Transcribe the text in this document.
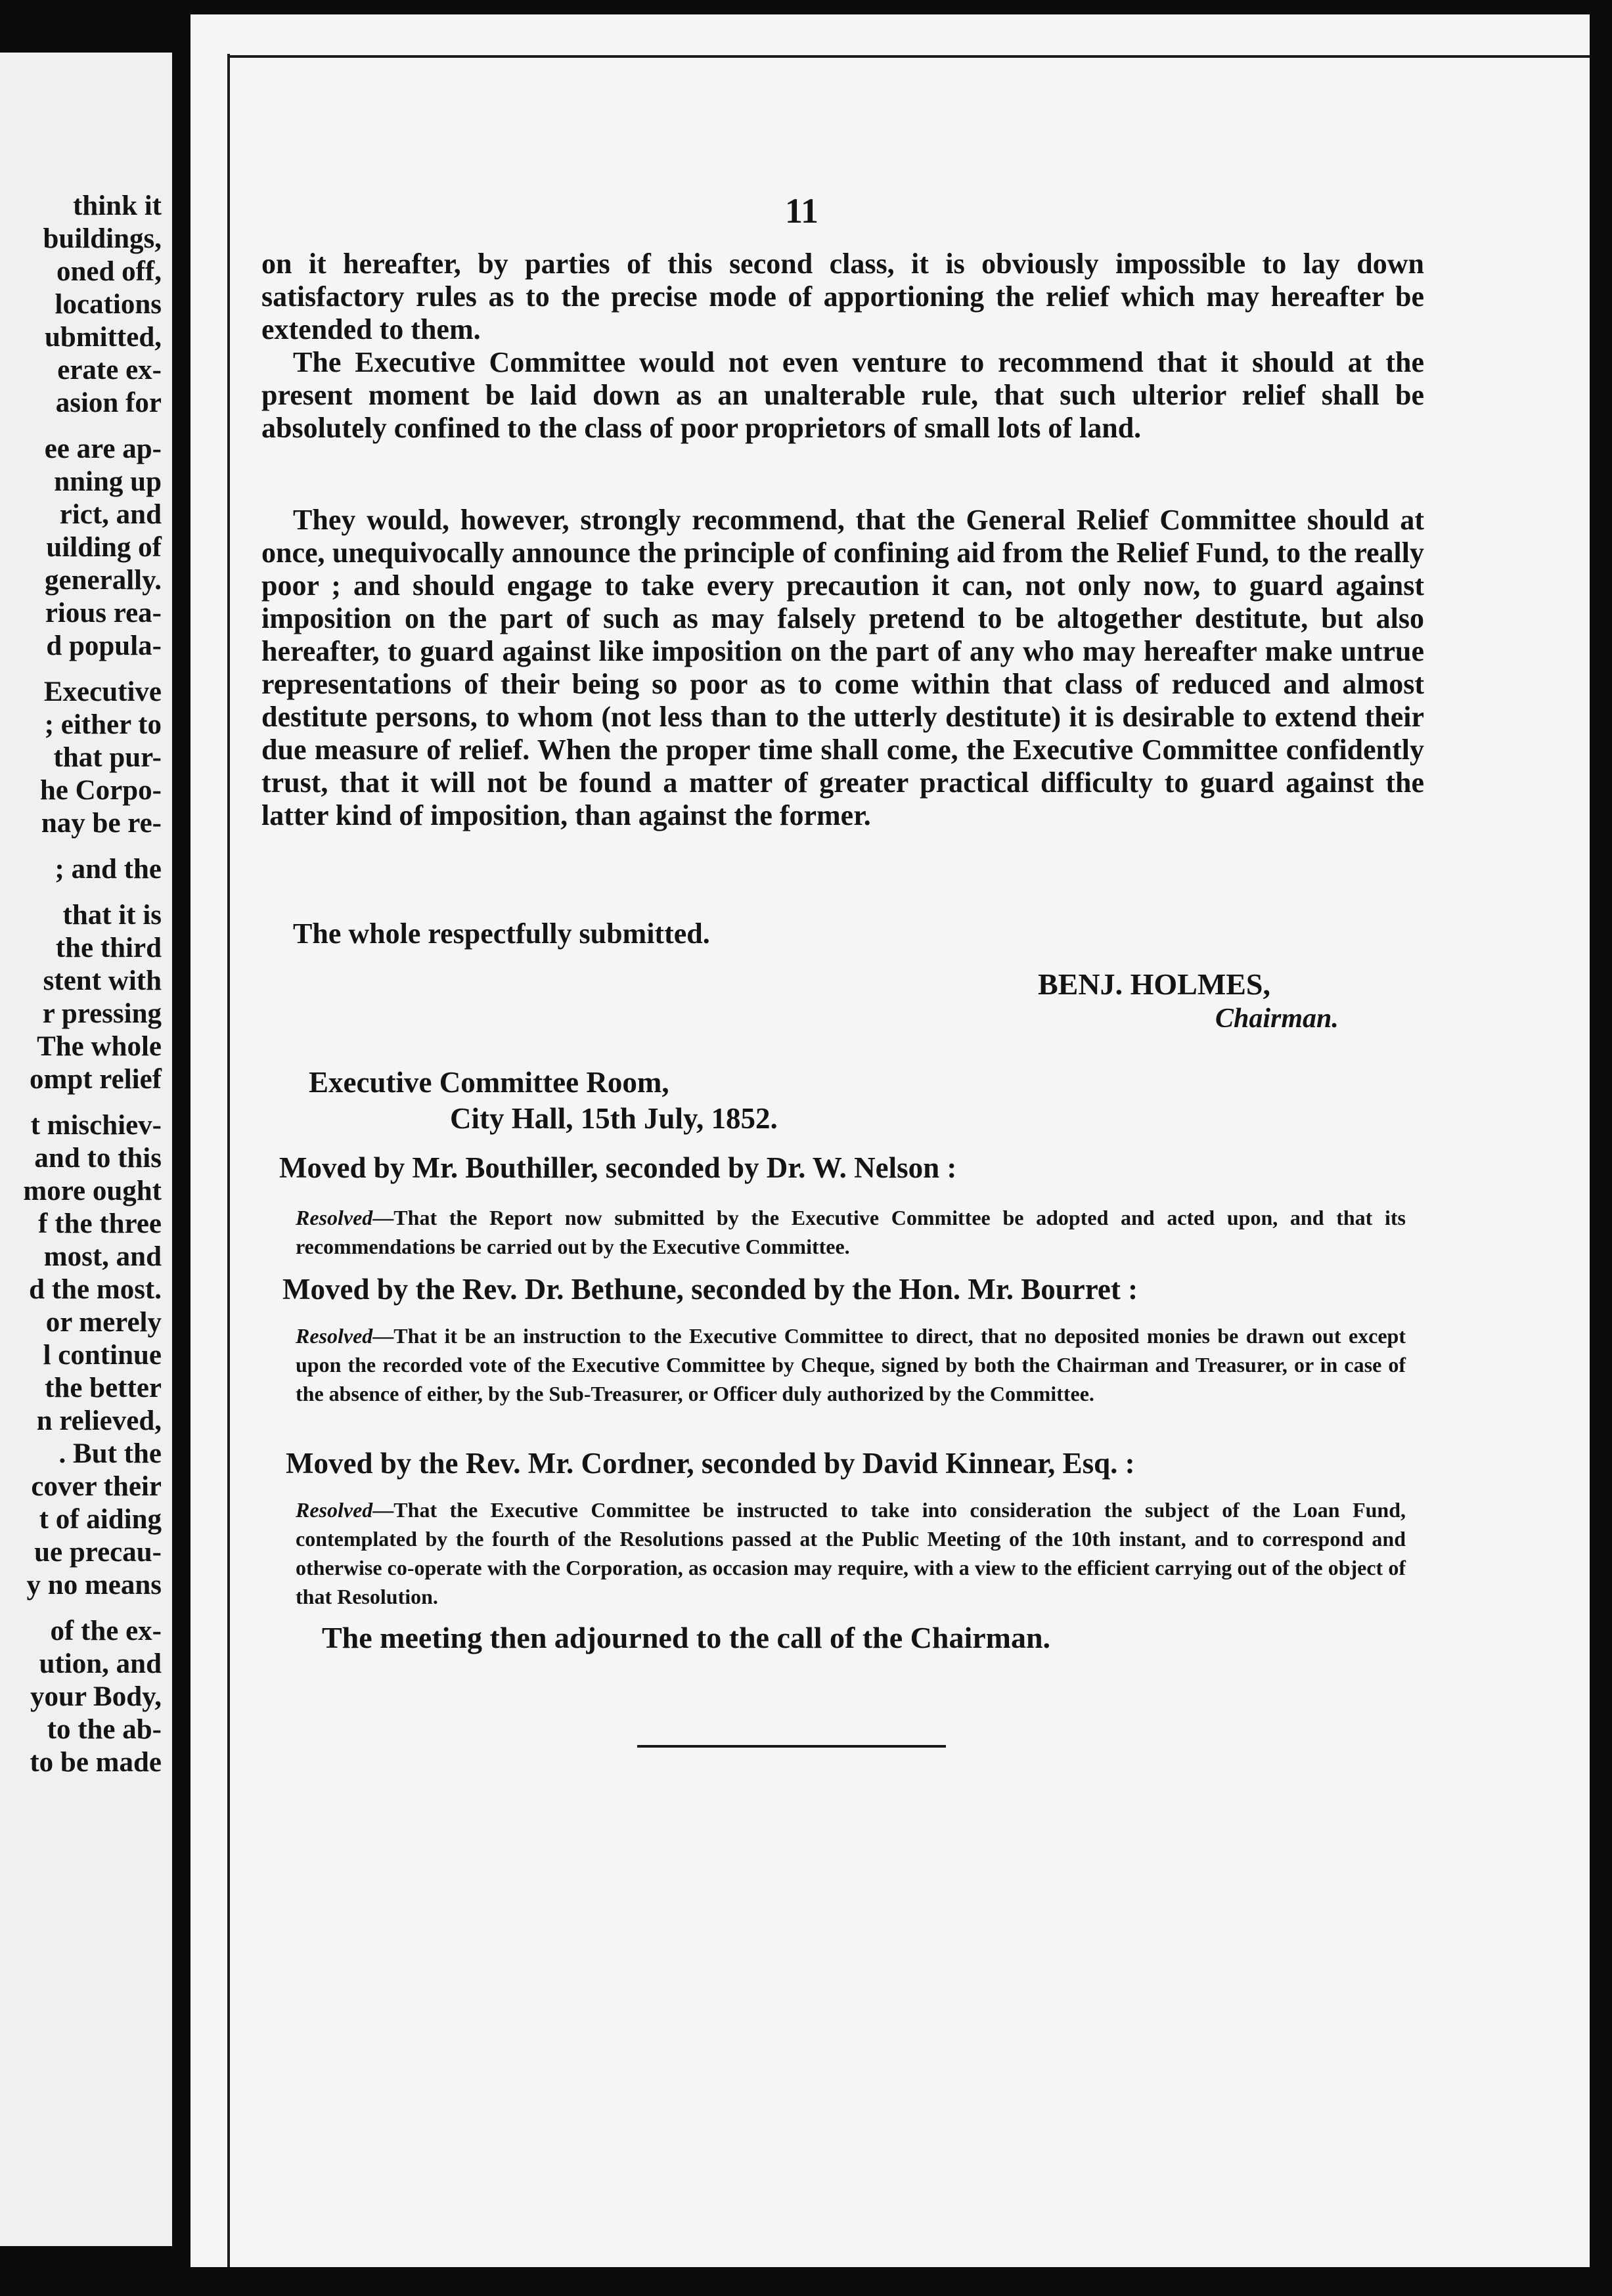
think it
buildings,
oned off,
locations
ubmitted,
erate ex-
asion for
ee are ap-
nning up
rict, and
uilding of
generally.
rious rea-
d popula-
Executive
; either to
that pur-
he Corpo-
nay be re-
; and the
that it is
the third
stent with
r pressing
The whole
ompt relief
t mischiev-
and to this
more ought
f the three
most, and
d the most.
or merely
l continue
the better
n relieved,
. But the
cover their
t of aiding
ue precau-
y no means
of the ex-
ution, and
your Body,
to the ab-
to be made
11

on it hereafter, by parties of this second class, it is obviously impossible to lay down satisfactory rules as to the precise mode of apportioning the relief which may hereafter be extended to them.

The Executive Committee would not even venture to recommend that it should at the present moment be laid down as an unalterable rule, that such ulterior relief shall be absolutely confined to the class of poor proprietors of small lots of land.

They would, however, strongly recommend, that the General Relief Committee should at once, unequivocally announce the principle of confining aid from the Relief Fund, to the really poor ; and should engage to take every precaution it can, not only now, to guard against imposition on the part of such as may falsely pretend to be altogether destitute, but also hereafter, to guard against like imposition on the part of any who may hereafter make untrue representations of their being so poor as to come within that class of reduced and almost destitute persons, to whom (not less than to the utterly destitute) it is desirable to extend their due measure of relief. When the proper time shall come, the Executive Committee confidently trust, that it will not be found a matter of greater practical difficulty to guard against the latter kind of imposition, than against the former.

The whole respectfully submitted.

BENJ. HOLMES,
Chairman.
Executive Committee Room,
City Hall, 15th July, 1852.

Moved by Mr. Bouthiller, seconded by Dr. W. Nelson :

Resolved—That the Report now submitted by the Executive Committee be adopted and acted upon, and that its recommendations be carried out by the Executive Committee.

Moved by the Rev. Dr. Bethune, seconded by the Hon. Mr. Bourret :

Resolved—That it be an instruction to the Executive Committee to direct, that no deposited monies be drawn out except upon the recorded vote of the Executive Committee by Cheque, signed by both the Chairman and Treasurer, or in case of the absence of either, by the Sub-Treasurer, or Officer duly authorized by the Committee.

Moved by the Rev. Mr. Cordner, seconded by David Kinnear, Esq. :

Resolved—That the Executive Committee be instructed to take into consideration the subject of the Loan Fund, contemplated by the fourth of the Resolutions passed at the Public Meeting of the 10th instant, and to correspond and otherwise co-operate with the Corporation, as occasion may require, with a view to the efficient carrying out of the object of that Resolution.

The meeting then adjourned to the call of the Chairman.
